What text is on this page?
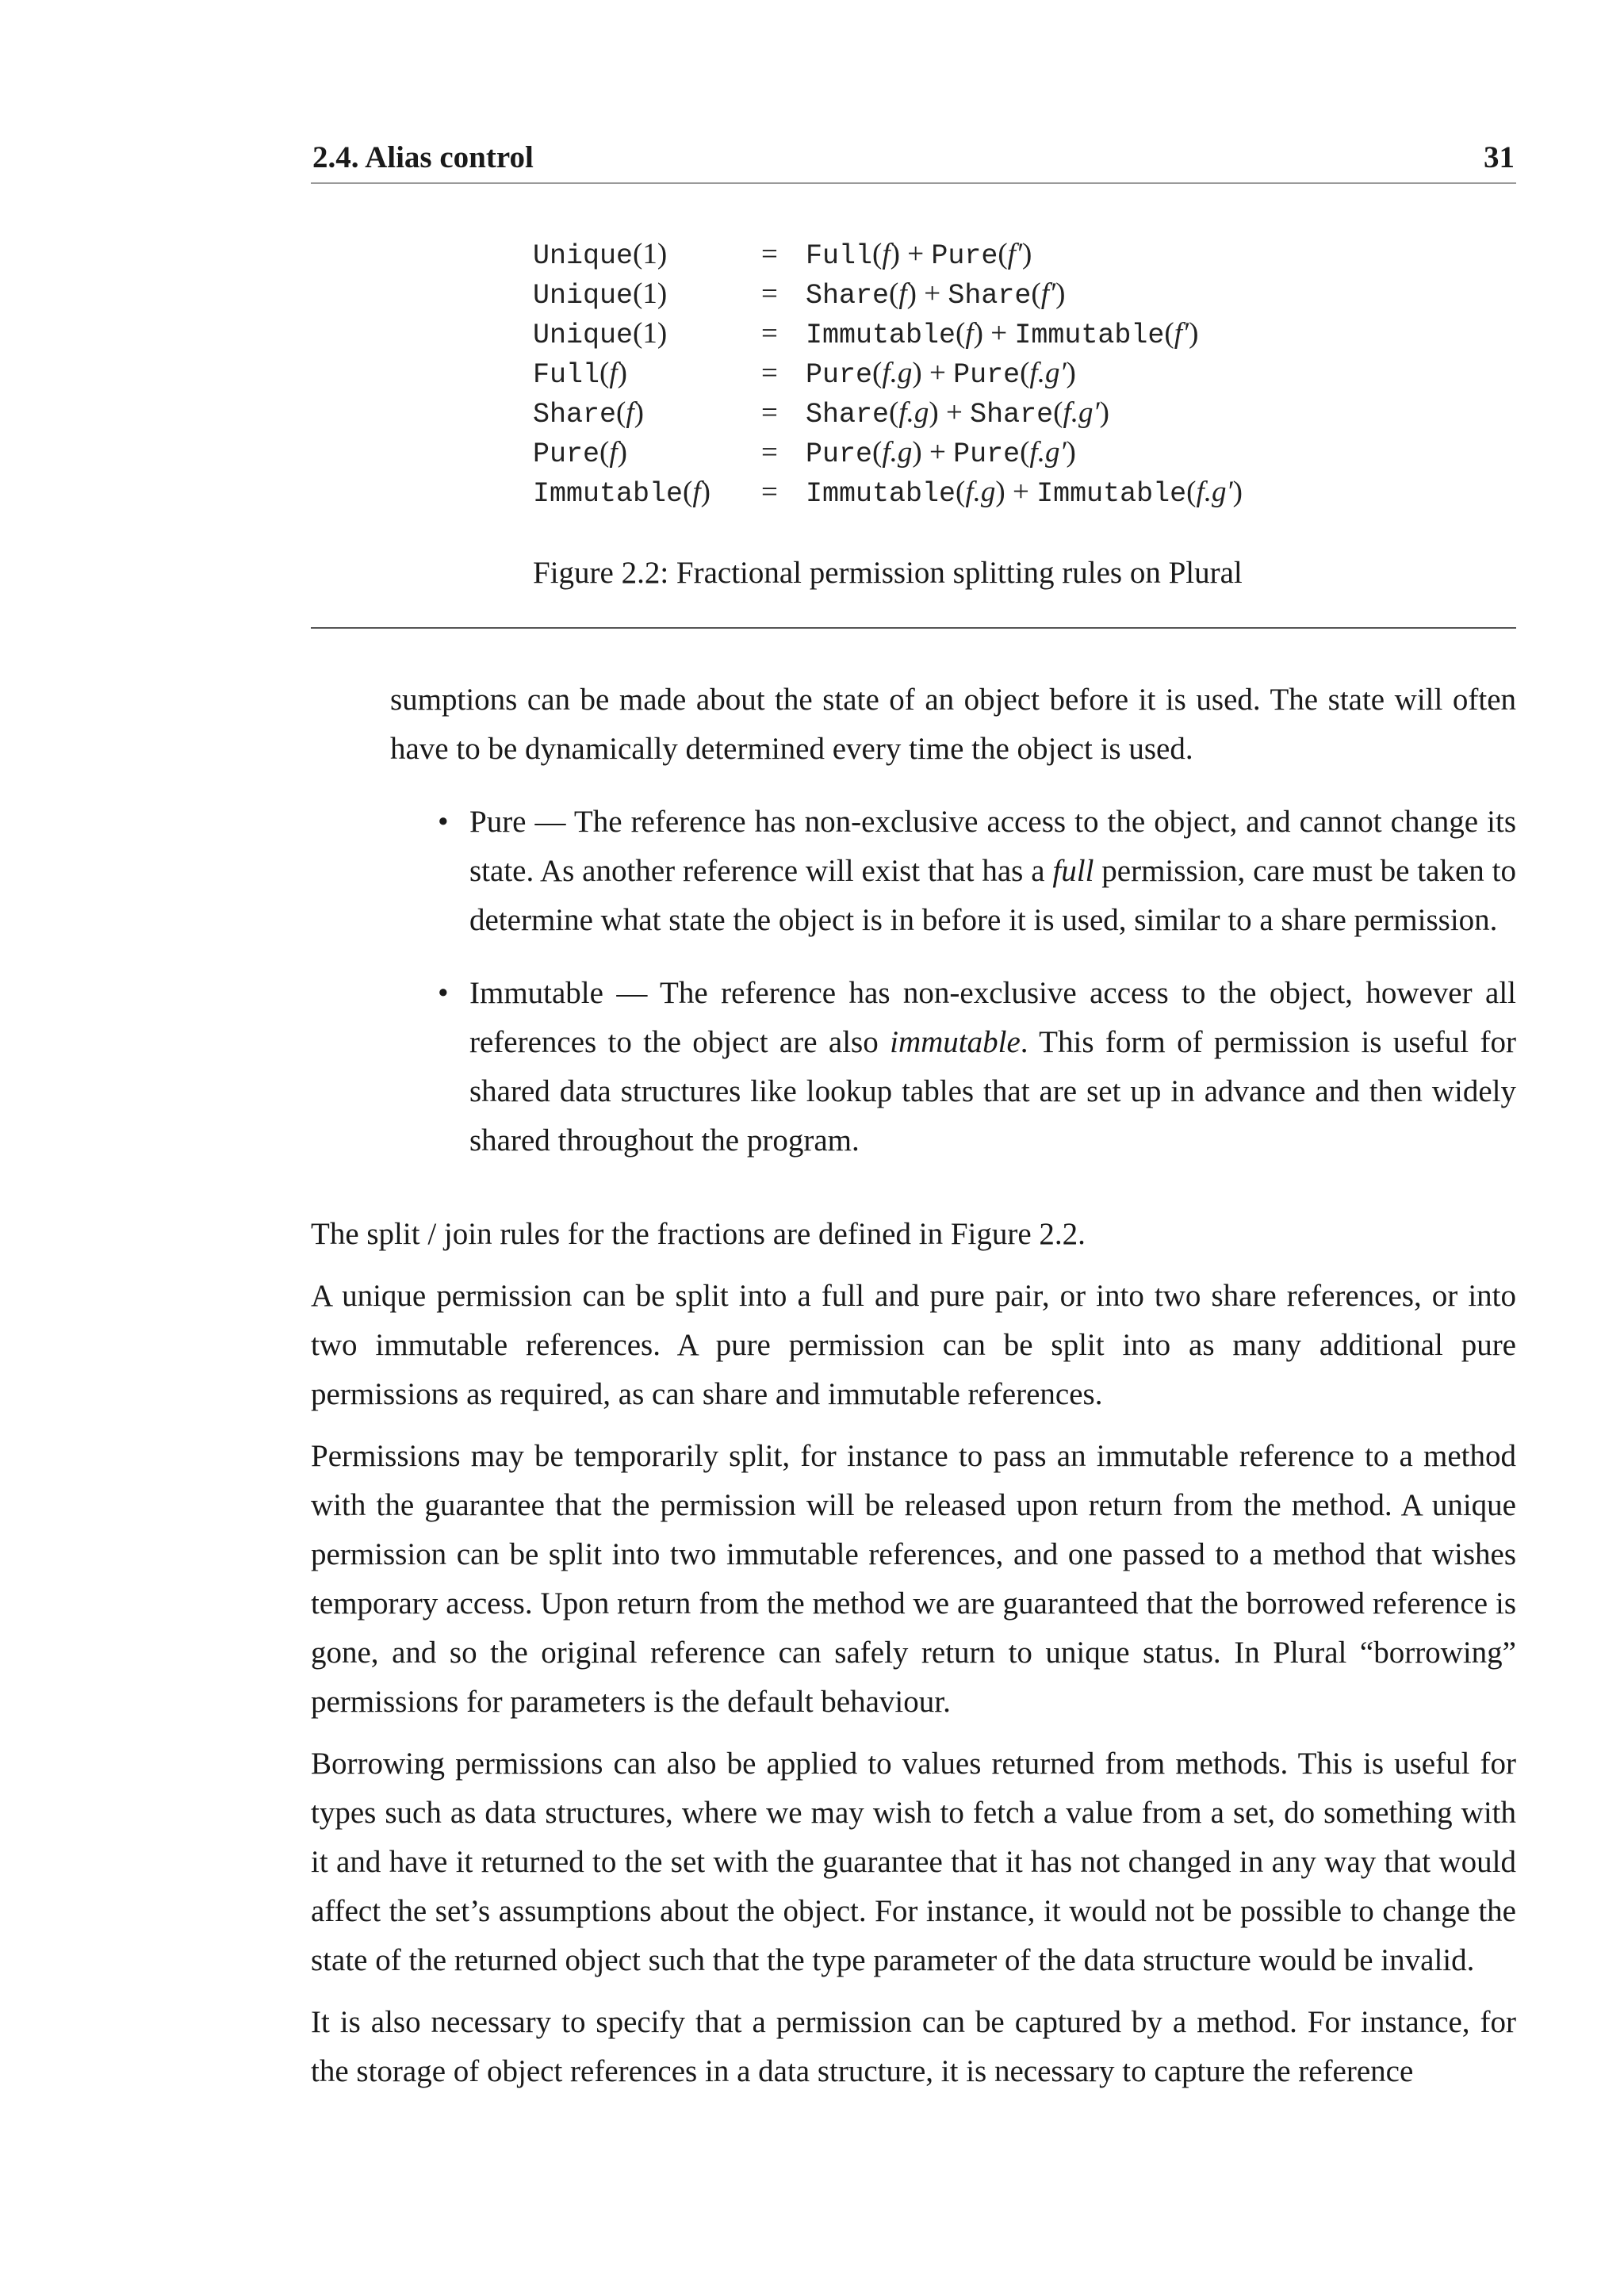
2.4. Alias control	31
Unique(1)	= Full(f) + Pure(f′)
Unique(1)	= Share(f) + Share(f′)
Unique(1)	= Immutable(f) + Immutable(f′)
Full(f)	= Pure(f.g) + Pure(f.g′)
Share(f)	= Share(f.g) + Share(f.g′)
Pure(f)	= Pure(f.g) + Pure(f.g′)
Immutable(f) = Immutable(f.g) + Immutable(f.g′)
Figure 2.2: Fractional permission splitting rules on Plural

sumptions can be made about the state of an object before it is used. The state will often have to be dynamically determined every time the object is used.

• Pure — The reference has non-exclusive access to the object, and cannot change its state. As another reference will exist that has a full permission, care must be taken to determine what state the object is in before it is used, similar to a share permission.
• Immutable — The reference has non-exclusive access to the object, however all references to the object are also immutable. This form of permission is useful for shared data structures like lookup tables that are set up in advance and then widely shared throughout the program.

The split / join rules for the fractions are defined in Figure 2.2.

A unique permission can be split into a full and pure pair, or into two share references, or into two immutable references. A pure permission can be split into as many additional pure permissions as required, as can share and immutable references.

Permissions may be temporarily split, for instance to pass an immutable reference to a method with the guarantee that the permission will be released upon return from the method. A unique permission can be split into two immutable references, and one passed to a method that wishes temporary access. Upon return from the method we are guaranteed that the borrowed reference is gone, and so the original reference can safely return to unique status. In Plural “borrowing” permissions for parameters is the default behaviour.

Borrowing permissions can also be applied to values returned from methods. This is useful for types such as data structures, where we may wish to fetch a value from a set, do something with it and have it returned to the set with the guarantee that it has not changed in any way that would affect the set’s assumptions about the object. For instance, it would not be possible to change the state of the returned object such that the type parameter of the data structure would be invalid.

It is also necessary to specify that a permission can be captured by a method. For instance, for the storage of object references in a data structure, it is necessary to capture the reference
